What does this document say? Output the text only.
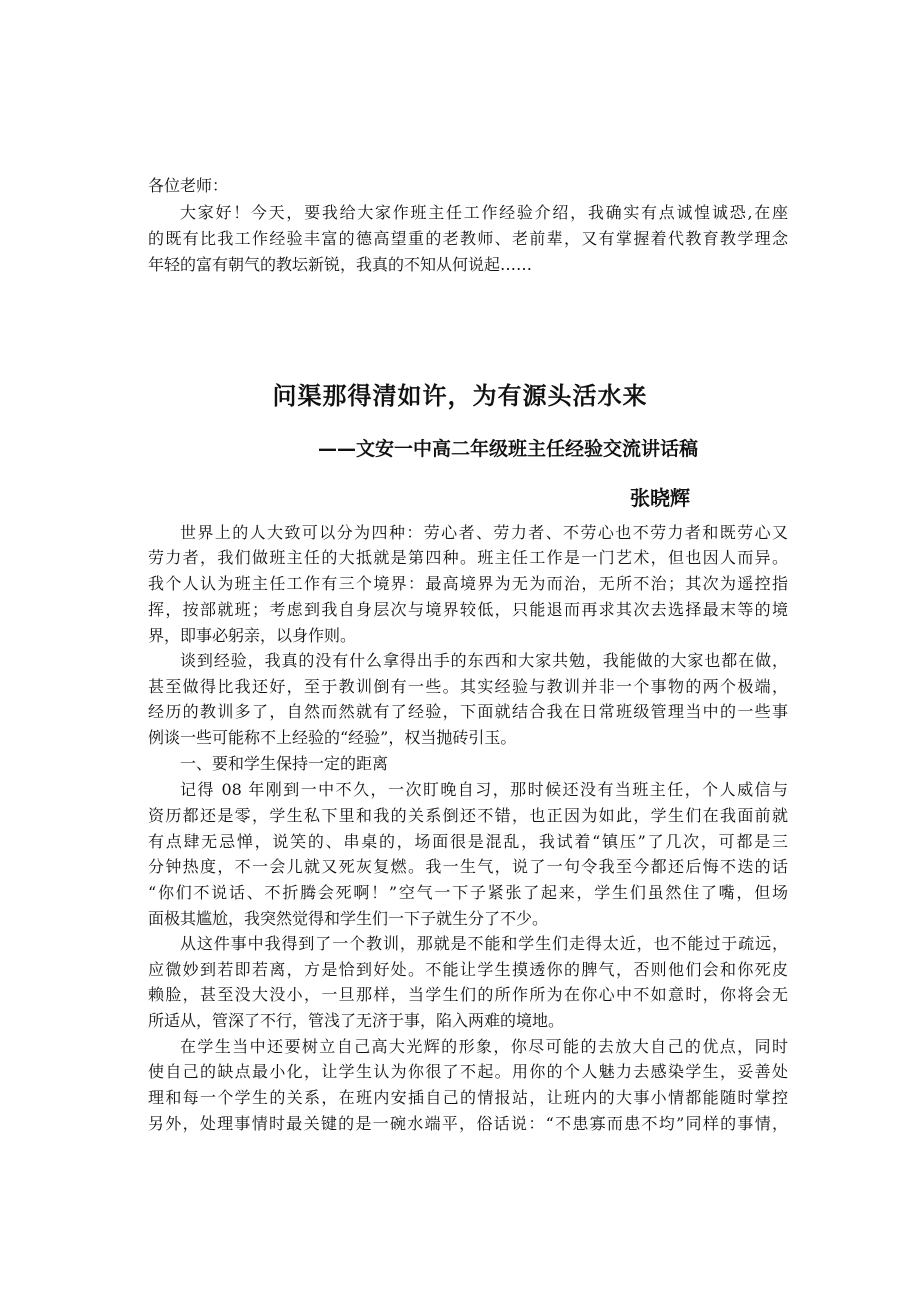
各位老师：
大家好！今天，要我给大家作班主任工作经验介绍，我确实有点诚惶诚恐,在座
的既有比我工作经验丰富的德高望重的老教师、老前辈，又有掌握着代教育教学理念
年轻的富有朝气的教坛新锐，我真的不知从何说起……
问渠那得清如许，为有源头活水来
——文安一中高二年级班主任经验交流讲话稿
张晓辉
世界上的人大致可以分为四种：劳心者、劳力者、不劳心也不劳力者和既劳心又
劳力者，我们做班主任的大抵就是第四种。班主任工作是一门艺术，但也因人而异。
我个人认为班主任工作有三个境界：最高境界为无为而治，无所不治；其次为遥控指
挥，按部就班；考虑到我自身层次与境界较低，只能退而再求其次去选择最末等的境
界，即事必躬亲，以身作则。
谈到经验，我真的没有什么拿得出手的东西和大家共勉，我能做的大家也都在做，
甚至做得比我还好，至于教训倒有一些。其实经验与教训并非一个事物的两个极端，
经历的教训多了，自然而然就有了经验，下面就结合我在日常班级管理当中的一些事
例谈一些可能称不上经验的“经验”，权当抛砖引玉。
一、要和学生保持一定的距离
记得 08 年刚到一中不久，一次盯晚自习，那时候还没有当班主任，个人威信与
资历都还是零，学生私下里和我的关系倒还不错，也正因为如此，学生们在我面前就
有点肆无忌惮，说笑的、串桌的，场面很是混乱，我试着“镇压”了几次，可都是三
分钟热度，不一会儿就又死灰复燃。我一生气，说了一句令我至今都还后悔不迭的话
“你们不说话、不折腾会死啊！”空气一下子紧张了起来，学生们虽然住了嘴，但场
面极其尴尬，我突然觉得和学生们一下子就生分了不少。
从这件事中我得到了一个教训，那就是不能和学生们走得太近，也不能过于疏远，
应微妙到若即若离，方是恰到好处。不能让学生摸透你的脾气，否则他们会和你死皮
赖脸，甚至没大没小，一旦那样，当学生们的所作所为在你心中不如意时，你将会无
所适从，管深了不行，管浅了无济于事，陷入两难的境地。
在学生当中还要树立自己高大光辉的形象，你尽可能的去放大自己的优点，同时
使自己的缺点最小化，让学生认为你很了不起。用你的个人魅力去感染学生，妥善处
理和每一个学生的关系，在班内安插自己的情报站，让班内的大事小情都能随时掌控
另外，处理事情时最关键的是一碗水端平，俗话说：“不患寡而患不均”同样的事情，
